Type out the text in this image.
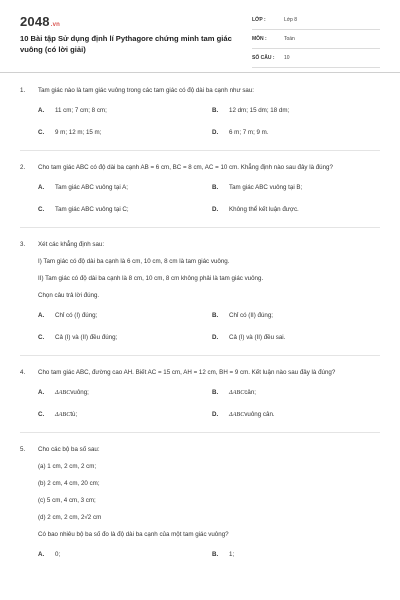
2048.vn
10 Bài tập Sử dụng định lí Pythagore chứng minh tam giác vuông (có lời giải)
LỚP :	Lớp 8
MÔN :	Toán
SỐ CÂU : 10
1. Tam giác nào là tam giác vuông trong các tam giác có độ dài ba cạnh như sau:
A. 11 cm; 7 cm; 8 cm;	B. 12 dm; 15 dm; 18 dm;
C. 9 m; 12 m; 15 m;	D. 6 m; 7 m; 9 m.
2. Cho tam giác ABC có độ dài ba cạnh AB = 6 cm, BC = 8 cm, AC = 10 cm. Khẳng định nào sau đây là đúng?
A. Tam giác ABC vuông tại A;	B. Tam giác ABC vuông tại B;
C. Tam giác ABC vuông tại C;	D. Không thể kết luận được.
3. Xét các khẳng định sau:
I) Tam giác có độ dài ba cạnh là 6 cm, 10 cm, 8 cm là tam giác vuông.
II) Tam giác có độ dài ba cạnh là 8 cm, 10 cm, 8 cm không phải là tam giác vuông.
Chọn câu trả lời đúng.
A. Chỉ có (I) đúng;	B. Chỉ có (II) đúng;
C. Cả (I) và (II) đều đúng;	D. Cả (I) và (II) đều sai.
4. Cho tam giác ABC, đường cao AH. Biết AC = 15 cm, AH = 12 cm, BH = 9 cm. Kết luận nào sau đây là đúng?
A. ΔABCvuông;	B. ΔABCcân;
C. ΔABCtù;	D. ΔABCvuông cân.
5. Cho các bộ ba số sau:
(a) 1 cm, 2 cm, 2 cm;
(b) 2 cm, 4 cm, 20 cm;
(c) 5 cm, 4 cm, 3 cm;
(d) 2 cm, 2 cm, 2√2 cm
Có bao nhiêu bộ ba số đo là độ dài ba cạnh của một tam giác vuông?
A. 0;	B. 1;
